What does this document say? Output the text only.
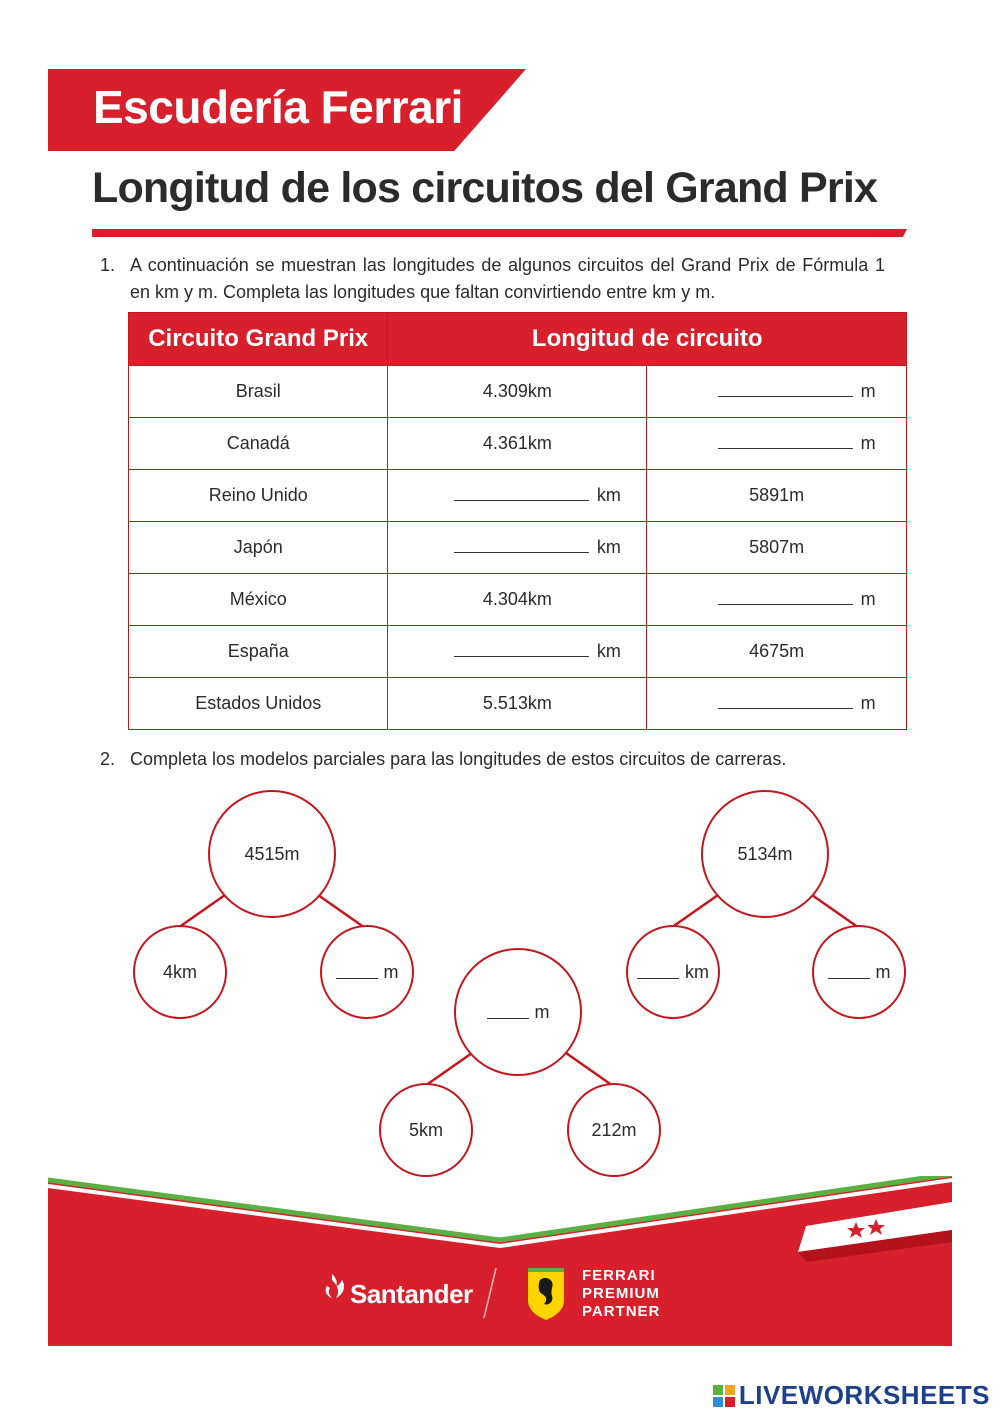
Escudería Ferrari
Longitud de los circuitos del Grand Prix
1. A continuación se muestran las longitudes de algunos circuitos del Grand Prix de Fórmula 1 en km y m. Completa las longitudes que faltan convirtiendo entre km y m.
Circuito Grand Prix	Longitud de circuito	
Brasil	4.309km	m
Canadá	4.361km	m
Reino Unido	km	5891m
Japón	km	5807m
México	4.304km	m
España	km	4675m
Estados Unidos	5.513km	m
2. Completa los modelos parciales para las longitudes de estos circuitos de carreras.
4515m
4km	m
m
5km	212m
5134m
km	m
Santander
FERRARI
PREMIUM
PARTNER
LIVEWORKSHEETS
